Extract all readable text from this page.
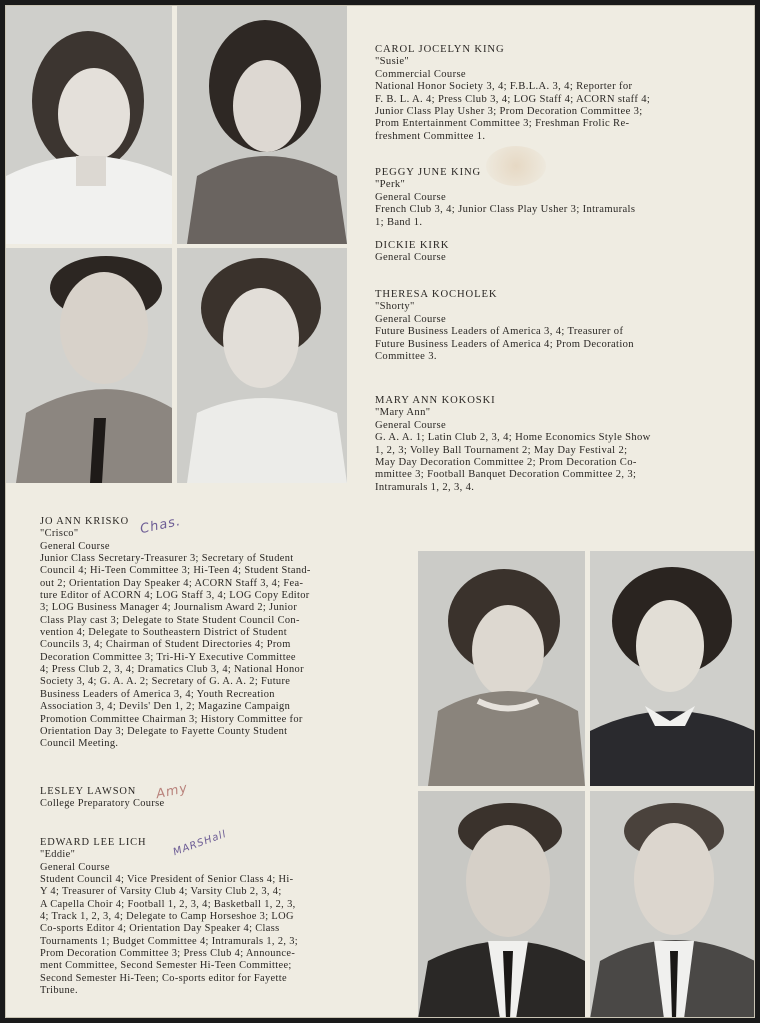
CAROL JOCELYN KING
"Susie"
Commercial Course
National Honor Society 3, 4; F.B.L.A. 3, 4; Reporter for
F. B. L. A. 4; Press Club 3, 4; LOG Staff 4; ACORN staff 4;
Junior Class Play Usher 3; Prom Decoration Committee 3;
Prom Entertainment Committee 3; Freshman Frolic Re-
freshment Committee 1.
PEGGY JUNE KING
"Perk"
General Course
French Club 3, 4; Junior Class Play Usher 3; Intramurals
1; Band 1.
DICKIE KIRK
General Course
THERESA KOCHOLEK
"Shorty"
General Course
Future Business Leaders of America 3, 4; Treasurer of
Future Business Leaders of America 4; Prom Decoration
Committee 3.
MARY ANN KOKOSKI
"Mary Ann"
General Course
G. A. A. 1; Latin Club 2, 3, 4; Home Economics Style Show
1, 2, 3; Volley Ball Tournament 2; May Day Festival 2;
May Day Decoration Committee 2; Prom Decoration Co-
mmittee 3; Football Banquet Decoration Committee 2, 3;
Intramurals 1, 2, 3, 4.
JO ANN KRISKO
"Crisco"
General Course
Junior Class Secretary-Treasurer 3; Secretary of Student
Council 4; Hi-Teen Committee 3; Hi-Teen 4; Student Stand-
out 2; Orientation Day Speaker 4; ACORN Staff 3, 4; Fea-
ture Editor of ACORN 4; LOG Staff 3, 4; LOG Copy Editor
3; LOG Business Manager 4; Journalism Award 2; Junior
Class Play cast 3; Delegate to State Student Council Con-
vention 4; Delegate to Southeastern District of Student
Councils 3, 4; Chairman of Student Directories 4; Prom
Decoration Committee 3; Tri-Hi-Y Executive Committee
4; Press Club 2, 3, 4; Dramatics Club 3, 4; National Honor
Society 3, 4; G. A. A. 2; Secretary of G. A. A. 2; Future
Business Leaders of America 3, 4; Youth Recreation
Association 3, 4; Devils' Den 1, 2; Magazine Campaign
Promotion Committee Chairman 3; History Committee for
Orientation Day 3; Delegate to Fayette County Student
Council Meeting.
LESLEY LAWSON
College Preparatory Course
EDWARD LEE LICH
"Eddie"
General Course
Student Council 4; Vice President of Senior Class 4; Hi-
Y 4; Treasurer of Varsity Club 4; Varsity Club 2, 3, 4;
A Capella Choir 4; Football 1, 2, 3, 4; Basketball 1, 2, 3,
4; Track 1, 2, 3, 4; Delegate to Camp Horseshoe 3; LOG
Co-sports Editor 4; Orientation Day Speaker 4; Class
Tournaments 1; Budget Committee 4; Intramurals 1, 2, 3;
Prom Decoration Committee 3; Press Club 4; Announce-
ment Committee, Second Semester Hi-Teen Committee;
Second Semester Hi-Teen; Co-sports editor for Fayette
Tribune.
Chas.
Amy
MARSHall
